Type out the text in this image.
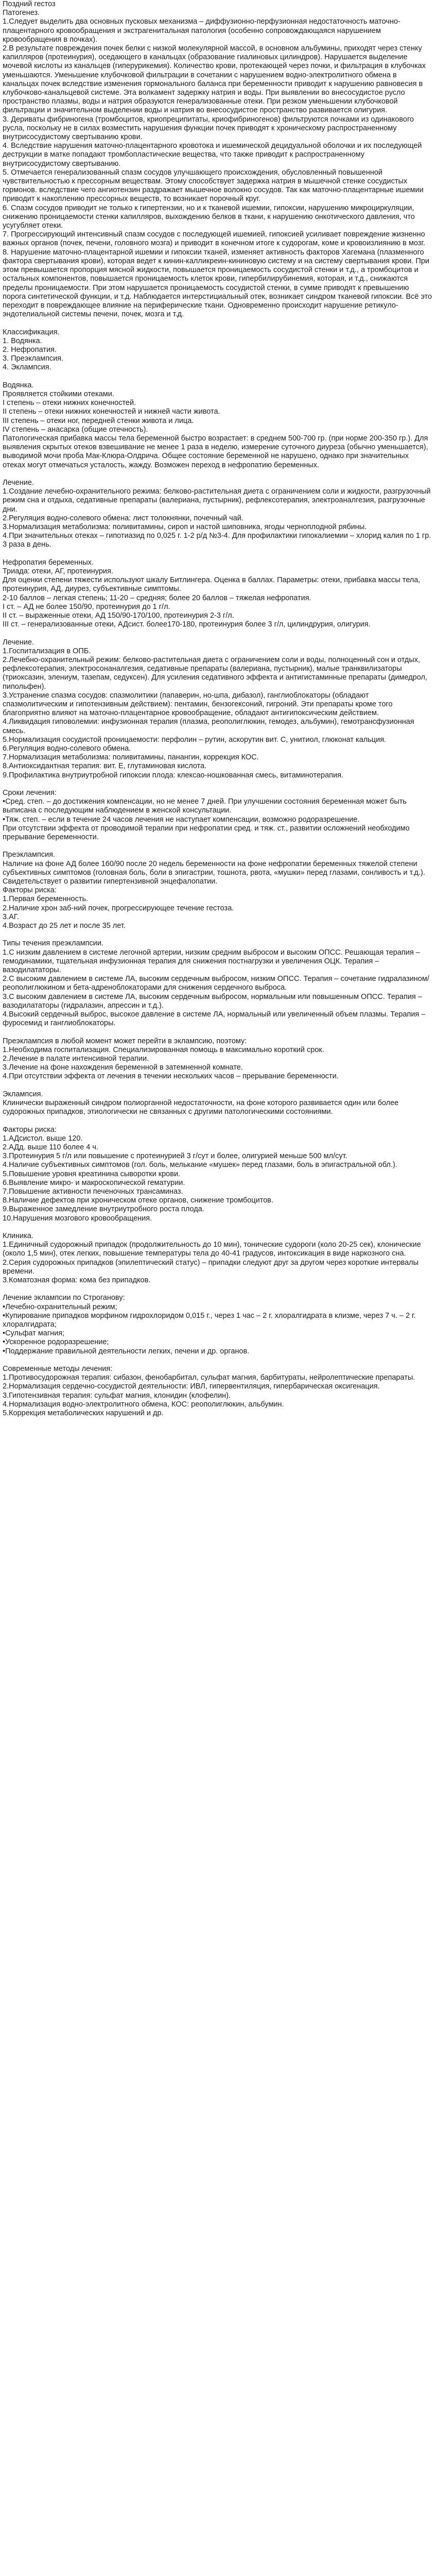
Поздний гестоз

Патогенез.

1.Следует выделить два основных пусковых механизма – диффузионно-перфузионная недостаточность маточно-плацентарного кровообращения и экстрагенитальная патология (особенно сопровождающаяся нарушением кровообращения в почках).

2.В результате повреждения почек белки с низкой молекулярной массой, в основном альбумины, приходят через стенку капилляров (протеинурия), оседающего в канальцах (образование гиалиновых цилиндров). Нарушается выделение мочевой кислоты из канальцев (гиперурикемия). Количество крови, протекающей через почки, и фильтрация в клубочках уменьшаются. Уменьшение клубочковой фильтрации в сочетании с нарушением водно-электролитного обмена в канальцах почек вследствие изменения гормонального баланса при беременности приводит к нарушению равновесия в клубочково-канальцевой системе. Эта волкамент задержку натрия и воды. При выявлении во внесосудистое русло пространство плазмы, воды и натрия образуются генерализованные отеки. При резком уменьшении клубочковой фильтрации и значительном выделении воды и натрия во внесосудистое пространство развивается олигурия.

3. Дериваты фибриногена (тромбоцитов, криопреципитаты, криофибриногенов) фильтруются почками из одинакового русла, поскольку не в силах возместить нарушения функции почек приводят к хроническому распространенному внутрисосудистому свертыванию крови.

4. Вследствие нарушения маточно-плацентарного кровотока и ишемической децидуальной оболочки и их последующей деструкции в матке попадают тромбопластические вещества, что также приводит к распространенному внутрисосудистому свертыванию.

5. Отмечается генерализованный спазм сосудов улучшающего происхождения, обусловленный повышенной чувствительностью к прессорным веществам. Этому способствует задержка натрия в мышечной стенке сосудистых гормонов. вследствие чего ангиотензин раздражает мышечное волокно сосудов. Так как маточно-плацентарные ишемии приводит к накоплению прессорных веществ, то возникает порочный круг.

6. Спазм сосудов приводит не только к гипертензии, но и к тканевой ишемии, гипоксии, нарушению микроциркуляции, снижению проницаемости стенки капилляров, выхождению белков в ткани, к нарушению онкотического давления, что усугубляет отеки.

7. Прогрессирующий интенсивный спазм сосудов с последующей ишемией, гипоксией усиливает повреждение жизненно важных органов (почек, печени, головного мозга) и приводит в конечном итоге к судорогам, коме и кровоизлиянию в мозг.

8. Нарушение маточно-плацентарной ишемии и гипоксии тканей, изменяет активность факторов Хагемана (плазменного фактора свертывания крови), которая ведет к кинин-калликреин-кининовую систему и на систему свертывания крови. При этом превышается пропорция мясной жидкости, повышается проницаемость сосудистой стенки и т.д., а тромбоцитов и остальных компонентов, повышается проницаемость клеток крови, гипербилирубинемия, которая, и т.д., снижаются пределы проницаемости. При этом нарушается проницаемость сосудистой стенки, в сумме приводят к превышению порога синтетической функции, и т.д. Наблюдается интерстициальный отек, возникает синдром тканевой гипоксии. Всё это переходит в повреждающее влияние на периферические ткани. Одновременно происходит нарушение ретикуло-эндотелиальной системы печени, почек, мозга и т.д.

Классификация.

1. Водянка.

2. Нефропатия.

3. Преэклампсия.

4. Эклампсия.

Водянка.

Проявляется стойкими отеками.

I степень – отеки нижних конечностей.

II степень – отеки нижних конечностей и нижней части живота.

III степень – отеки ног, передней стенки живота и лица.

IV степень – анасарка (общие отечность).

Патологическая прибавка массы тела беременной быстро возрастает: в среднем 500-700 гр. (при норме 200-350 гр.). Для выявления скрытых отеков взвешивание не менее 1 раза в неделю, измерение суточного диуреза (обычно уменьшается), выводимой мочи проба Мак-Клюра-Олдрича. Общее состояние беременной не нарушено, однако при значительных отеках могут отмечаться усталость, жажду. Возможен переход в нефропатию беременных.

Лечение.

1.Создание лечебно-охранительного режима: белково-растительная диета с ограничением соли и жидкости, разгрузочный режим сна и отдыха, седативные препараты (валериана, пустырник), рефлексотерапия, электроаналгезия, разгрузочные дни.

2.Регуляция водно-солевого обмена: лист толокнянки, почечный чай.

3.Нормализация метаболизма: поливитамины, сироп и настой шиповника, ягоды черноплодной рябины.

4.При значительных отеках – гипотиазид по 0,025 г. 1-2 р/д №3-4. Для профилактики гипокалиемии – хлорид калия по 1 гр. 3 раза в день.

Нефропатия беременных.

Триада: отеки, АГ, протеинурия.

Для оценки степени тяжести используют шкалу Битлингера. Оценка в баллах. Параметры: отеки, прибавка массы тела, протеинурия, АД, диурез, субъективные симптомы.

2-10 баллов – легкая степень; 11-20 – средняя; более 20 баллов – тяжелая нефропатия.

I ст. – АД не более 150/90, протеинурия до 1 г/л.

II ст. – выраженные отеки, АД 150/90-170/100, протеинурия 2-3 г/л.

III ст. – генерализованные отеки, АДсист. более170-180, протеинурия более 3 г/л, цилиндрурия, олигурия.

Лечение.

1.Госпитализация в ОПБ.

2.Лечебно-охранительный режим: белково-растительная диета с ограничением соли и воды, полноценный сон и отдых, рефлексотерапия, электросонаналгезия, седативные препараты (валериана, пустырник), малые транквилизаторы (триоксазин, элениум, тазепам, седуксен). Для усиления седативного эффекта и антигистаминные препараты (димедрол, пипольфен).

3.Устранение спазма сосудов: спазмолитики (папаверин, но-шпа, дибазол), ганглиоблокаторы (обладают спазмолитическим и гипотензивным действием): пентамин, бензогексоний, гигроний. Эти препараты кроме того благоприятно влияют на маточно-плацентарное кровообращение, обладают антигипоксическим действием.

4.Ликвидация гиповолемии: инфузионная терапия (плазма, реополиглюкин, гемодез, альбумин), гемотрансфузионная смесь.

5.Нормализация сосудистой проницаемости: перфолин – рутин, аскорутин вит. С, унитиол, глюконат кальция.

6.Регуляция водно-солевого обмена.

7.Нормализация метаболизма: поливитамины, панангин, коррекция КОС.

8.Антиоксидантная терапия: вит. Е, глутаминовая кислота.

9.Профилактика внутриутробной гипоксии плода: клексао-ношкованная смесь, витаминотерапия.

Сроки лечения:

•Сред. степ. – до достижения компенсации, но не менее 7 дней. При улучшении состояния беременная может быть выписана с последующим наблюдением в женской консультации.

•Тяж. степ. – если в течение 24 часов лечения не наступает компенсации, возможно родоразрешение.

При отсутствии эффекта от проводимой терапии при нефропатии сред. и тяж. ст., развитии осложнений необходимо прерывание беременности.

Преэклампсия.

Наличие на фоне АД более 160/90 после 20 недель беременности на фоне нефропатии беременных тяжелой степени субъективных симптомов (головная боль, боли в эпигастрии, тошнота, рвота, «мушки» перед глазами, сонливость и т.д.). Свидетельствует о развитии гипертензивной энцефалопатии.

Факторы риска:

1.Первая беременность.

2.Наличие хрон заб-ний почек, прогрессирующее течение гестоза.

3.АГ.

4.Возраст до 25 лет и после 35 лет.

Типы течения преэклампсии.

1.С низким давлением в системе легочной артерии, низким средним выбросом и высоким ОПСС. Решающая терапия – гемодинамики, тщательная инфузионная терапия для снижения постнагрузки и увеличения ОЦК. Терапия – вазодилататоры.

2.С высоким давлением в системе ЛА, высоким сердечным выбросом, низким ОПСС. Терапия – сочетание гидралазином/реополиглюкином и бета-адреноблокаторами для снижения сердечного выброса.

3.С высоким давлением в системе ЛА, высоким сердечным выбросом, нормальным или повышенным ОПСС. Терапия – вазодилататоры (гидралазин, апрессин и т.д.).

4.Высокий сердечный выброс, высокое давление в системе ЛА, нормальный или увеличенный объем плазмы. Терапия – фуросемид и ганглиоблокаторы.

Преэклампсия в любой момент может перейти в эклампсию, поэтому:

1.Необходима госпитализация. Специализированная помощь в максимально короткий срок.

2.Лечение в палате интенсивной терапии.

3.Лечение на фоне нахождения беременной в затемненной комнате.

4.При отсутствии эффекта от лечения в течении нескольких часов – прерывание беременности.

Эклампсия.

Клинически выраженный синдром полиорганной недостаточности, на фоне которого развивается один или более судорожных припадков, этиологически не связанных с другими патологическими состояниями.

Факторы риска:

1.АДсистол. выше 120.

2.АДд. выше 110 более 4 ч.

3.Протеинурия 5 г/л или повышение с протеинурией 3 г/сут и более, олигурией меньше 500 мл/сут.

4.Наличие субъективных симптомов (гол. боль, мелькание «мушек» перед глазами, боль в эпигастральной обл.).

5.Повышение уровня креатинина сыворотки крови.

6.Выявление микро- и макроскопической гематурии.

7.Повышение активности печеночных трансаминаз.

8.Наличие дефектов при хроническом отеке органов, снижение тромбоцитов.

9.Выраженное замедление внутриутробного роста плода.

10.Нарушения мозгового кровообращения.

Клиника.

1.Единичный судорожный припадок (продолжительность до 10 мин), тонические судороги (коло 20-25 сек), клонические (около 1,5 мин), отек легких, повышение температуры тела до 40-41 градусов, интоксикация в виде наркозного сна.

2.Серия судорожных припадков (эпилептический статус) – припадки следуют друг за другом через короткие интервалы времени.

3.Коматозная форма: кома без припадков.

Лечение эклампсии по Строганову:

•Лечебно-охранительный режим;

•Купирование припадков морфином гидрохлоридом 0,015 г., через 1 час – 2 г. хлоралгидрата в клизме, через 7 ч. – 2 г. хлоралгидрата;

•Сульфат магния;

•Ускоренное родоразрешение;

•Поддержание правильной деятельности легких, печени и др. органов.

Современные методы лечения:

1.Противосудорожная терапия: сибазон, фенобарбитал, сульфат магния, барбитураты, нейролептические препараты.

2.Нормализация сердечно-сосудистой деятельности: ИВЛ, гипервентиляция, гипербарическая оксигенация.

3.Гипотензивная терапия: сульфат магния, клонидин (клофелин).

4.Нормализация водно-электролитного обмена, КОС: реополиглюкин, альбумин.

5.Коррекция метаболических нарушений и др.
